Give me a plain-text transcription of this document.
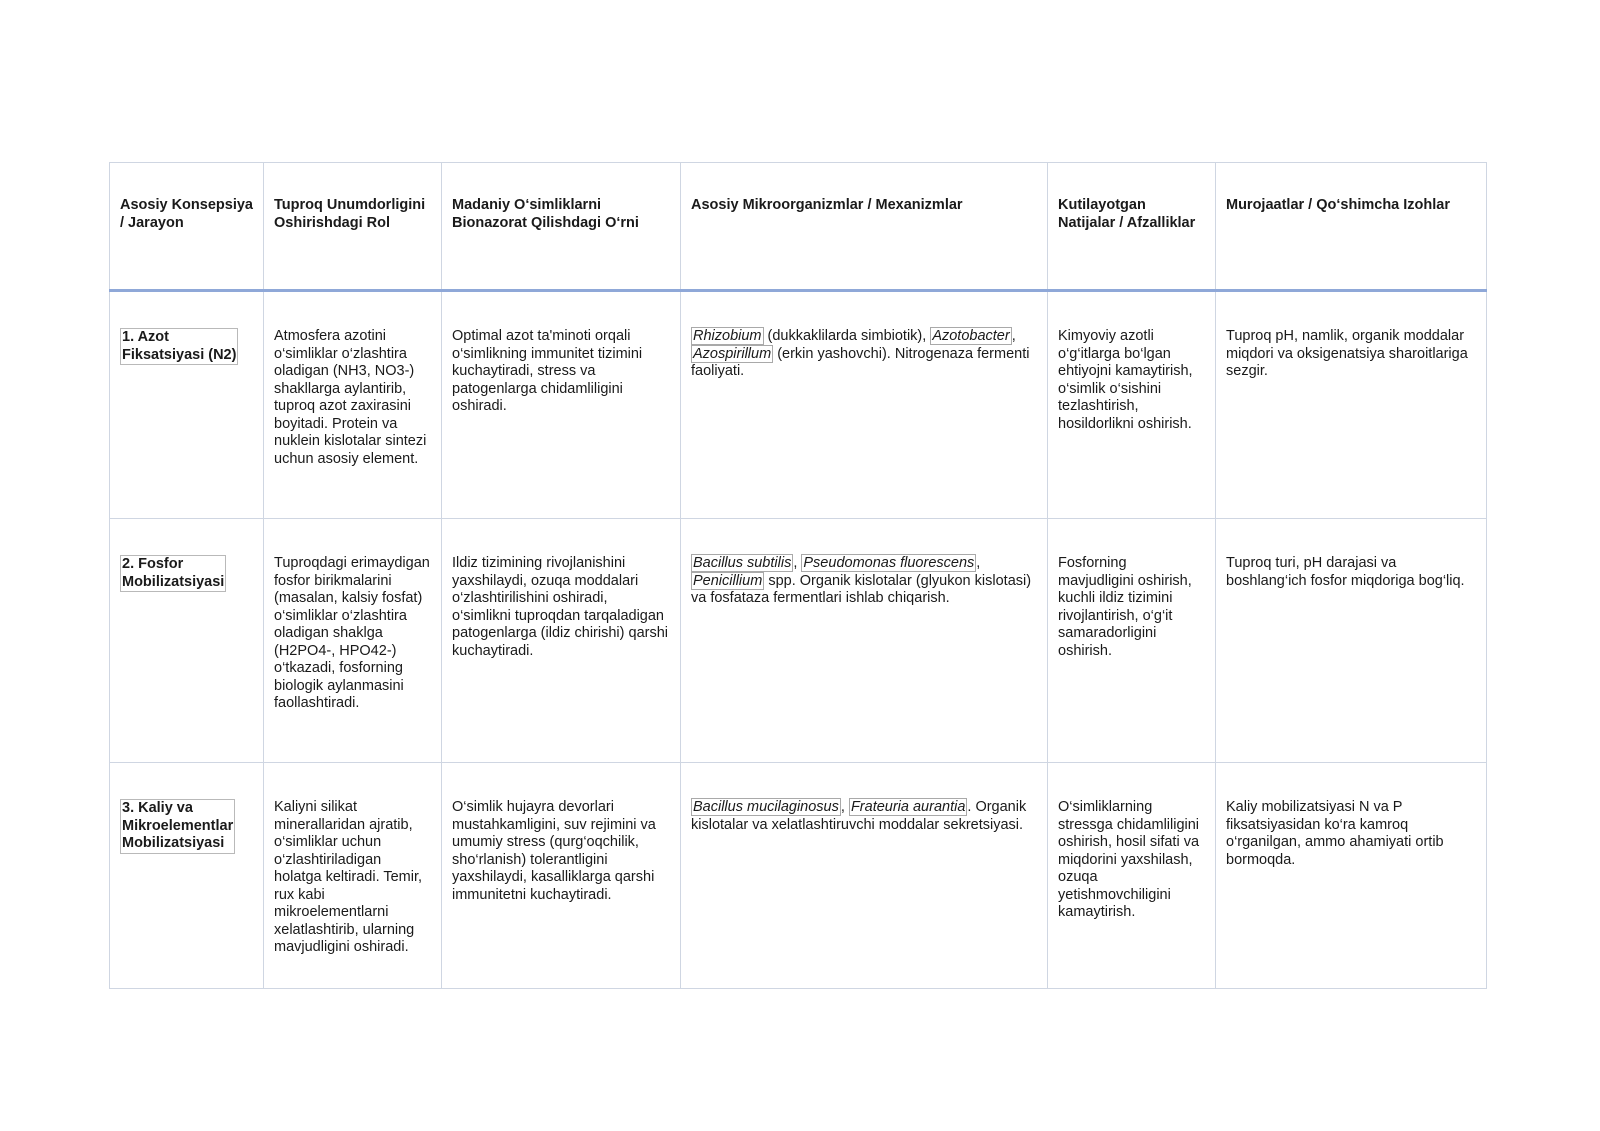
Asosiy Konsepsiya / Jarayon	Tuproq Unumdorligini Oshirishdagi Rol	Madaniy O‘simliklarni Bionazorat Qilishdagi O‘rni	Asosiy Mikroorganizmlar / Mexanizmlar	Kutilayotgan Natijalar / Afzalliklar	Murojaatlar / Qo‘shimcha Izohlar
1. Azot
Fiksatsiyasi (N2)	Atmosfera azotini o‘simliklar o‘zlashtira oladigan (NH3, NO3-) shakllarga aylantirib, tuproq azot zaxirasini boyitadi. Protein va nuklein kislotalar sintezi uchun asosiy element.	Optimal azot ta'minoti orqali o‘simlikning immunitet tizimini kuchaytiradi, stress va patogenlarga chidamliligini oshiradi.	Rhizobium (dukkaklilarda simbiotik), Azotobacter , Azospirillum (erkin yashovchi). Nitrogenaza fermenti faoliyati.	Kimyoviy azotli o‘g‘itlarga bo‘lgan ehtiyojni kamaytirish, o‘simlik o‘sishini tezlashtirish, hosildorlikni oshirish.	Tuproq pH, namlik, organik moddalar miqdori va oksigenatsiya sharoitlariga sezgir.
2. Fosfor
Mobilizatsiyasi	Tuproqdagi erimaydigan fosfor birikmalarini (masalan, kalsiy fosfat) o‘simliklar o‘zlashtira oladigan shaklga (H2PO4-, HPO42-) o‘tkazadi, fosforning biologik aylanmasini faollashtiradi.	Ildiz tizimining rivojlanishini yaxshilaydi, ozuqa moddalari o‘zlashtirilishini oshiradi, o‘simlikni tuproqdan tarqaladigan patogenlarga (ildiz chirishi) qarshi kuchaytiradi.	Bacillus subtilis , Pseudomonas fluorescens , Penicillium spp. Organik kislotalar (glyukon kislotasi) va fosfataza fermentlari ishlab chiqarish.	Fosforning mavjudligini oshirish, kuchli ildiz tizimini rivojlantirish, o‘g‘it samaradorligini oshirish.	Tuproq turi, pH darajasi va boshlang‘ich fosfor miqdoriga bog‘liq.
3. Kaliy va
Mikroelementlar
Mobilizatsiyasi	Kaliyni silikat minerallaridan ajratib, o‘simliklar uchun o‘zlashtiriladigan holatga keltiradi. Temir, rux kabi mikroelementlarni xelatlashtirib, ularning mavjudligini oshiradi.	O‘simlik hujayra devorlari mustahkamligini, suv rejimini va umumiy stress (qurg‘oqchilik, sho‘rlanish) tolerantligini yaxshilaydi, kasalliklarga qarshi immunitetni kuchaytiradi.	Bacillus mucilaginosus , Frateuria aurantia . Organik kislotalar va xelatlashtiruvchi moddalar sekretsiyasi.	O‘simliklarning stressga chidamliligini oshirish, hosil sifati va miqdorini yaxshilash, ozuqa yetishmovchiligini kamaytirish.	Kaliy mobilizatsiyasi N va P fiksatsiyasidan ko‘ra kamroq o‘rganilgan, ammo ahamiyati ortib bormoqda.
